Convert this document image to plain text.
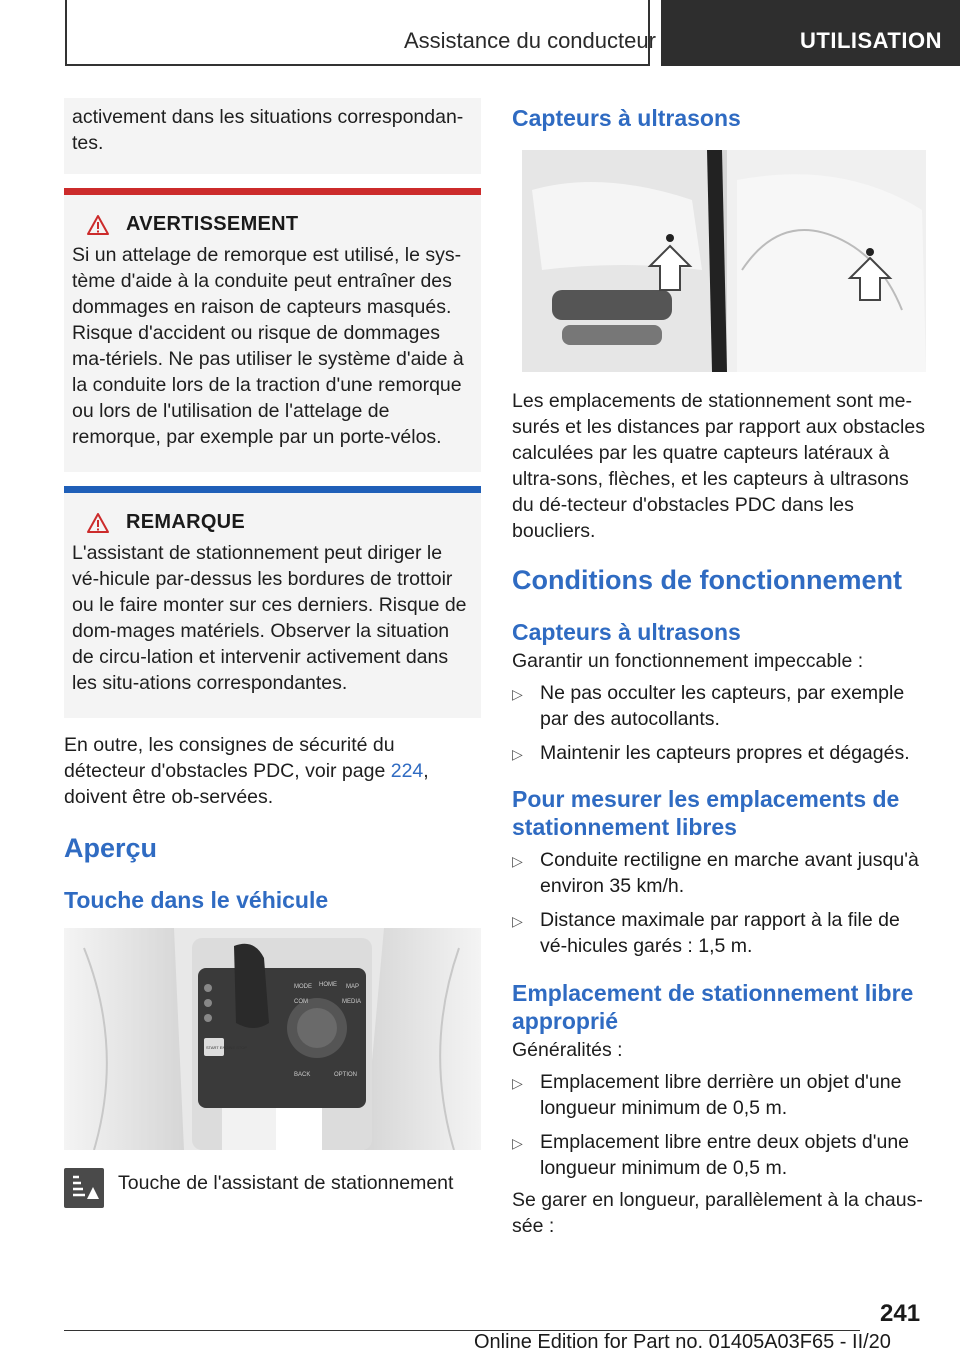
Assistance du conducteur	UTILISATION
activement dans les situations correspondan-tes.
AVERTISSEMENT
Si un attelage de remorque est utilisé, le sys-tème d'aide à la conduite peut entraîner des dommages en raison de capteurs masqués. Risque d'accident ou risque de dommages ma-tériels. Ne pas utiliser le système d'aide à la conduite lors de la traction d'une remorque ou lors de l'utilisation de l'attelage de remorque, par exemple par un porte-vélos.
REMARQUE
L'assistant de stationnement peut diriger le vé-hicule par-dessus les bordures de trottoir ou le faire monter sur ces derniers. Risque de dom-mages matériels. Observer la situation de circu-lation et intervenir activement dans les situ-ations correspondantes.
En outre, les consignes de sécurité du détecteur d'obstacles PDC, voir page 224, doivent être ob-servées.
Aperçu
Touche dans le véhicule
MODE HOME MAP
COM	MEDIA
BACK	OPTION
START ENGINE STOP
Touche de l'assistant de stationnement
Capteurs à ultrasons
Les emplacements de stationnement sont me-surés et les distances par rapport aux obstacles calculées par les quatre capteurs latéraux à ultra-sons, flèches, et les capteurs à ultrasons du dé-tecteur d'obstacles PDC dans les boucliers.
Conditions de fonctionnement
Capteurs à ultrasons
Garantir un fonctionnement impeccable :
▷ Ne pas occulter les capteurs, par exemple par des autocollants.
▷ Maintenir les capteurs propres et dégagés.
Pour mesurer les emplacements de stationnement libres
▷ Conduite rectiligne en marche avant jusqu'à environ 35 km/h.
▷ Distance maximale par rapport à la file de vé-hicules garés : 1,5 m.
Emplacement de stationnement libre approprié
Généralités :
▷ Emplacement libre derrière un objet d'une longueur minimum de 0,5 m.
▷ Emplacement libre entre deux objets d'une longueur minimum de 0,5 m.
Se garer en longueur, parallèlement à la chaus-sée :
241
Online Edition for Part no. 01405A03F65 - II/20
